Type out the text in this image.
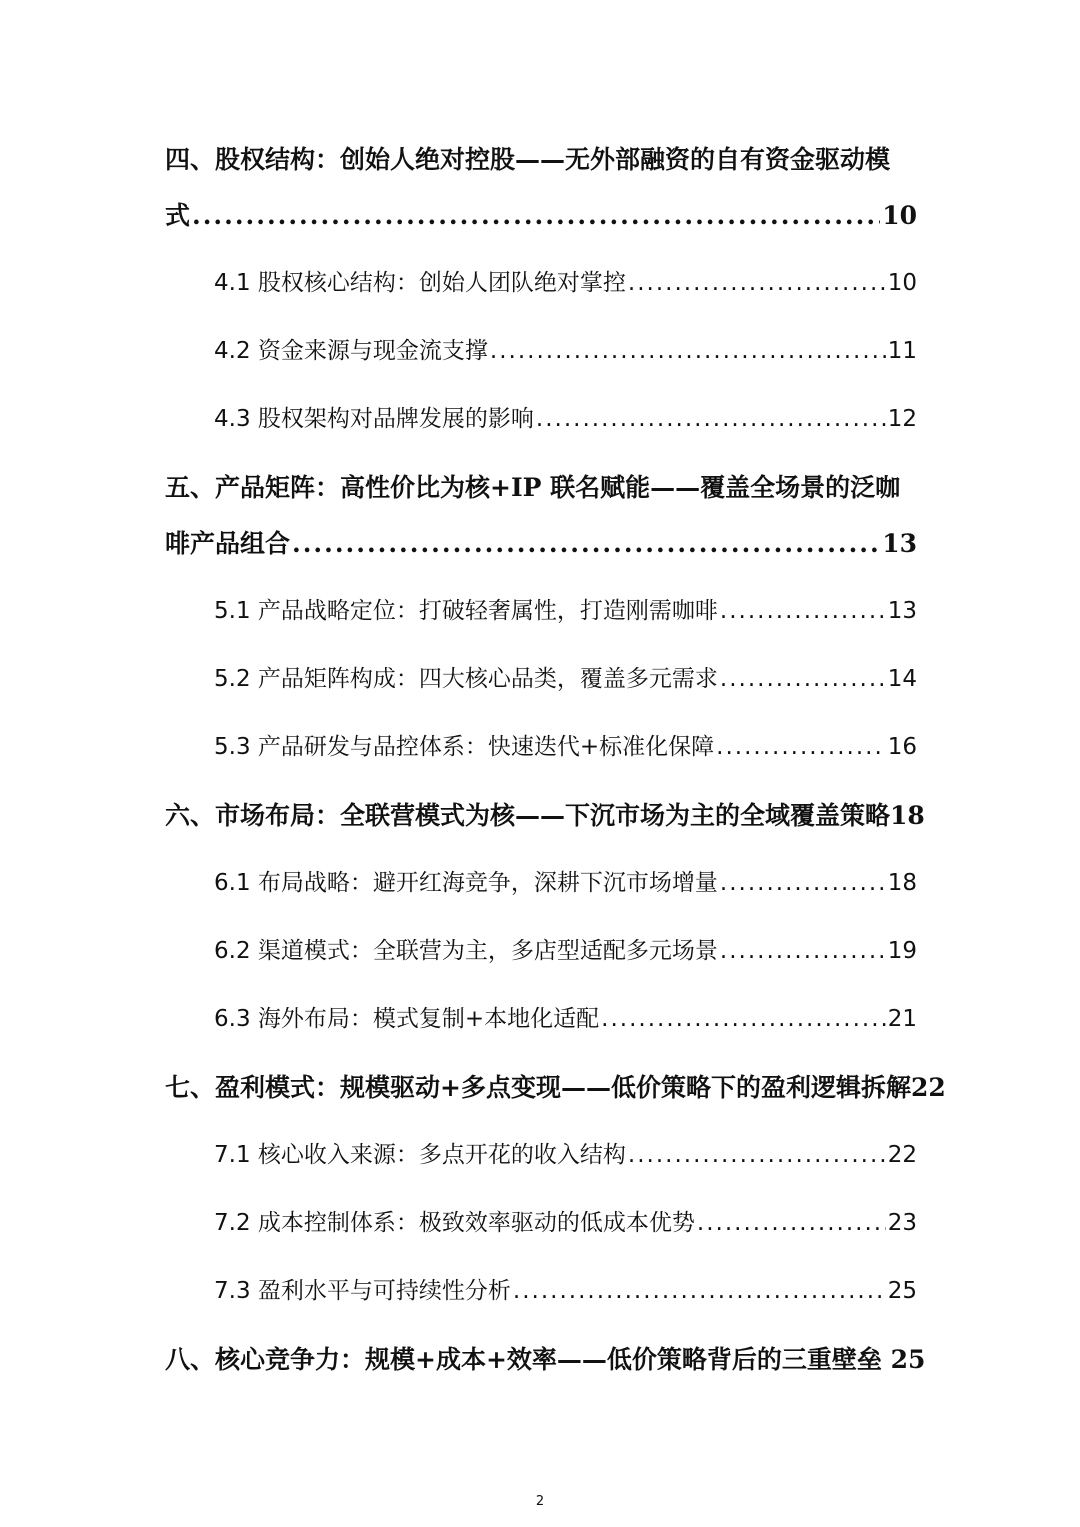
四、股权结构：创始人绝对控股——无外部融资的自有资金驱动模
式 .....	10
4.1 股权核心结构：创始人团队绝对掌控 .....	10
4.2 资金来源与现金流支撑 .....	11
4.3 股权架构对品牌发展的影响 .....	12
五、产品矩阵：高性价比为核+IP 联名赋能——覆盖全场景的泛咖
啡产品组合 .....	13
5.1 产品战略定位：打破轻奢属性，打造刚需咖啡 .....	13
5.2 产品矩阵构成：四大核心品类，覆盖多元需求 .....	14
5.3 产品研发与品控体系：快速迭代+标准化保障 .....	16
六、市场布局：全联营模式为核——下沉市场为主的全域覆盖策略18
6.1 布局战略：避开红海竞争，深耕下沉市场增量 .....	18
6.2 渠道模式：全联营为主，多店型适配多元场景 .....	19
6.3 海外布局：模式复制+本地化适配 .....	21
七、盈利模式：规模驱动+多点变现——低价策略下的盈利逻辑拆解22
7.1 核心收入来源：多点开花的收入结构 .....	22
7.2 成本控制体系：极致效率驱动的低成本优势 .....	23
7.3 盈利水平与可持续性分析 .....	25
八、核心竞争力：规模+成本+效率——低价策略背后的三重壁垒 25
2
